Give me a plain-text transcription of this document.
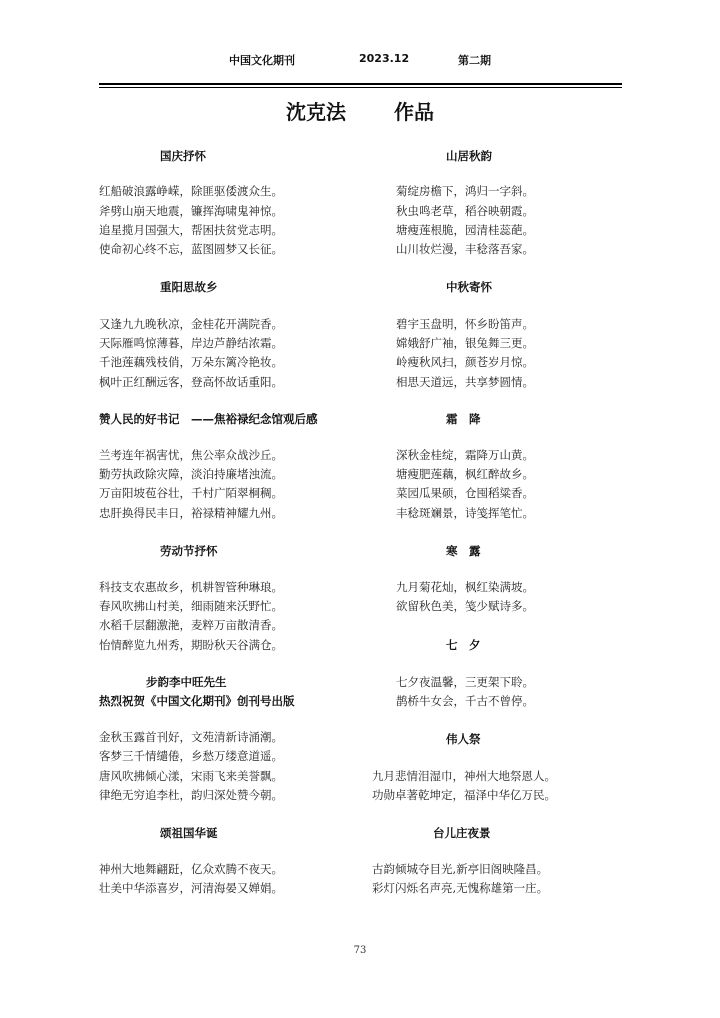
中国文化期刊	2023.12	第二期
沈克法 作品
国庆抒怀
红船破浪露峥嵘，除匪驱倭渡众生。
斧劈山崩天地震，镰挥海啸鬼神惊。
追星揽月国强大，帮困扶贫党志明。
使命初心终不忘，蓝图圆梦又长征。
重阳思故乡
又逢九九晚秋凉，金桂花开满院香。
天际雁鸣惊薄暮，岸边芦静结浓霜。
千池莲藕残枝俏，万朵东篱冷艳妆。
枫叶正红酬远客，登高怀故话重阳。
赞人民的好书记　——焦裕禄纪念馆观后感
兰考连年祸害忧，焦公率众战沙丘。
勤劳执政除灾障，淡泊持廉堵浊流。
万亩阳坡苞谷壮，千村广陌翠桐稠。
忠肝换得民丰日，裕禄精神耀九州。
劳动节抒怀
科技支农惠故乡，机耕智管种琳琅。
春风吹拂山村美，细雨随来沃野忙。
水稻千层翻激滟，麦粹万亩散清香。
怡情醉览九州秀，期盼秋天谷满仓。
步韵李中旺先生
热烈祝贺《中国文化期刊》创刊号出版
金秋玉露首刊好，文苑清新诗涌潮。
客梦三千情缱倦，乡愁万缕意道遥。
唐风吹拂倾心漾，宋雨飞来美誉飘。
律绝无穷追李杜，韵归深处赞今朝。
颂祖国华诞
神州大地舞翩跹，亿众欢腾不夜天。
壮美中华添喜岁，河清海晏又婵娟。
山居秋韵
菊绽房檐下，鸿归一字斜。
秋虫鸣老草，稻谷映朝霞。
塘瘦莲根脆，园清桂蕊葩。
山川妆烂漫，丰稔落吾家。
中秋寄怀
碧宇玉盘明，怀乡盼笛声。
嫦娥舒广袖，银兔舞三更。
岭瘦秋风扫，颜苍岁月惊。
相思天道远，共享梦圆情。
霜　降
深秋金桂绽，霜降万山黄。
塘瘦肥莲藕，枫红醉故乡。
菜园瓜果硕，仓囤稻粱香。
丰稔斑斓景，诗笺挥笔忙。
寒　露
九月菊花灿，枫红染满坡。
欲留秋色美，笺少赋诗多。
七　夕
七夕夜温馨，三更架下聆。
鹊桥牛女会，千古不曾停。
伟人祭
九月悲情泪湿巾，神州大地祭恩人。
功勋卓著乾坤定，福泽中华亿万民。
台儿庄夜景
古韵倾城夺目光,新亭旧阁映隆昌。
彩灯闪烁名声亮,无愧称雄第一庄。
73
